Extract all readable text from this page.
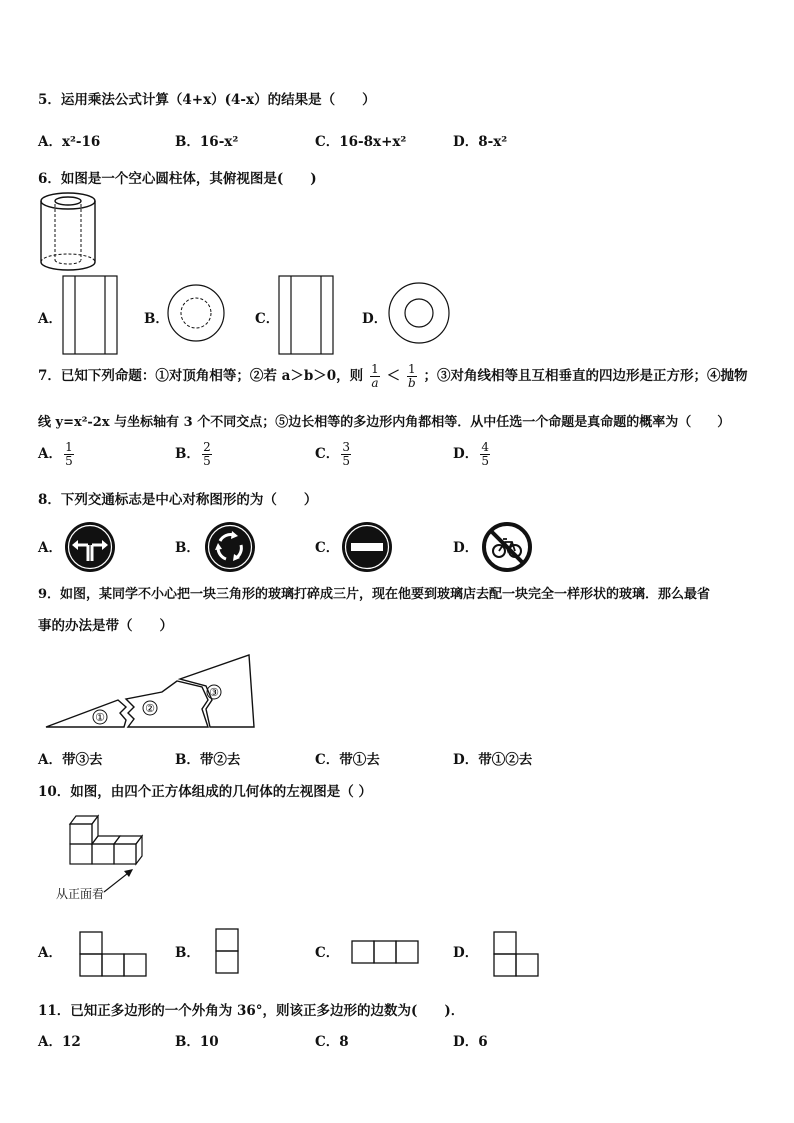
5．运用乘法公式计算（4+x）(4-x）的结果是（　　）
A．x²-16	B．16-x²	C．16-8x+x²	D．8-x²
6．如图是一个空心圆柱体，其俯视图是(　　)
A．	B．	C．	D．
7．已知下列命题：①对顶角相等；②若 a＞b＞0，则 $\frac{1}{a} < \frac{1}{b}$ ；③对角线相等且互相垂直的四边形是正方形；④抛物
线 y=x²-2x 与坐标轴有 3 个不同交点；⑤边长相等的多边形内角都相等．从中任选一个命题是真命题的概率为（　　）
A． $\frac{1}{5}$	B． $\frac{2}{5}$	C． $\frac{3}{5}$	D． $\frac{4}{5}$
8．下列交通标志是中心对称图形的为（　　）
A．	B．	C．	D．
9．如图，某同学不小心把一块三角形的玻璃打碎成三片，现在他要到玻璃店去配一块完全一样形状的玻璃．那么最省
事的办法是带（　　）
①
②
③
A．带③去	B．带②去	C．带①去	D．带①②去
10．如图，由四个正方体组成的几何体的左视图是（ ）
从正面看
A．	B．	C．	D．
11．已知正多边形的一个外角为 36°，则该正多边形的边数为(　　)．
A．12	B．10	C．8	D．6
